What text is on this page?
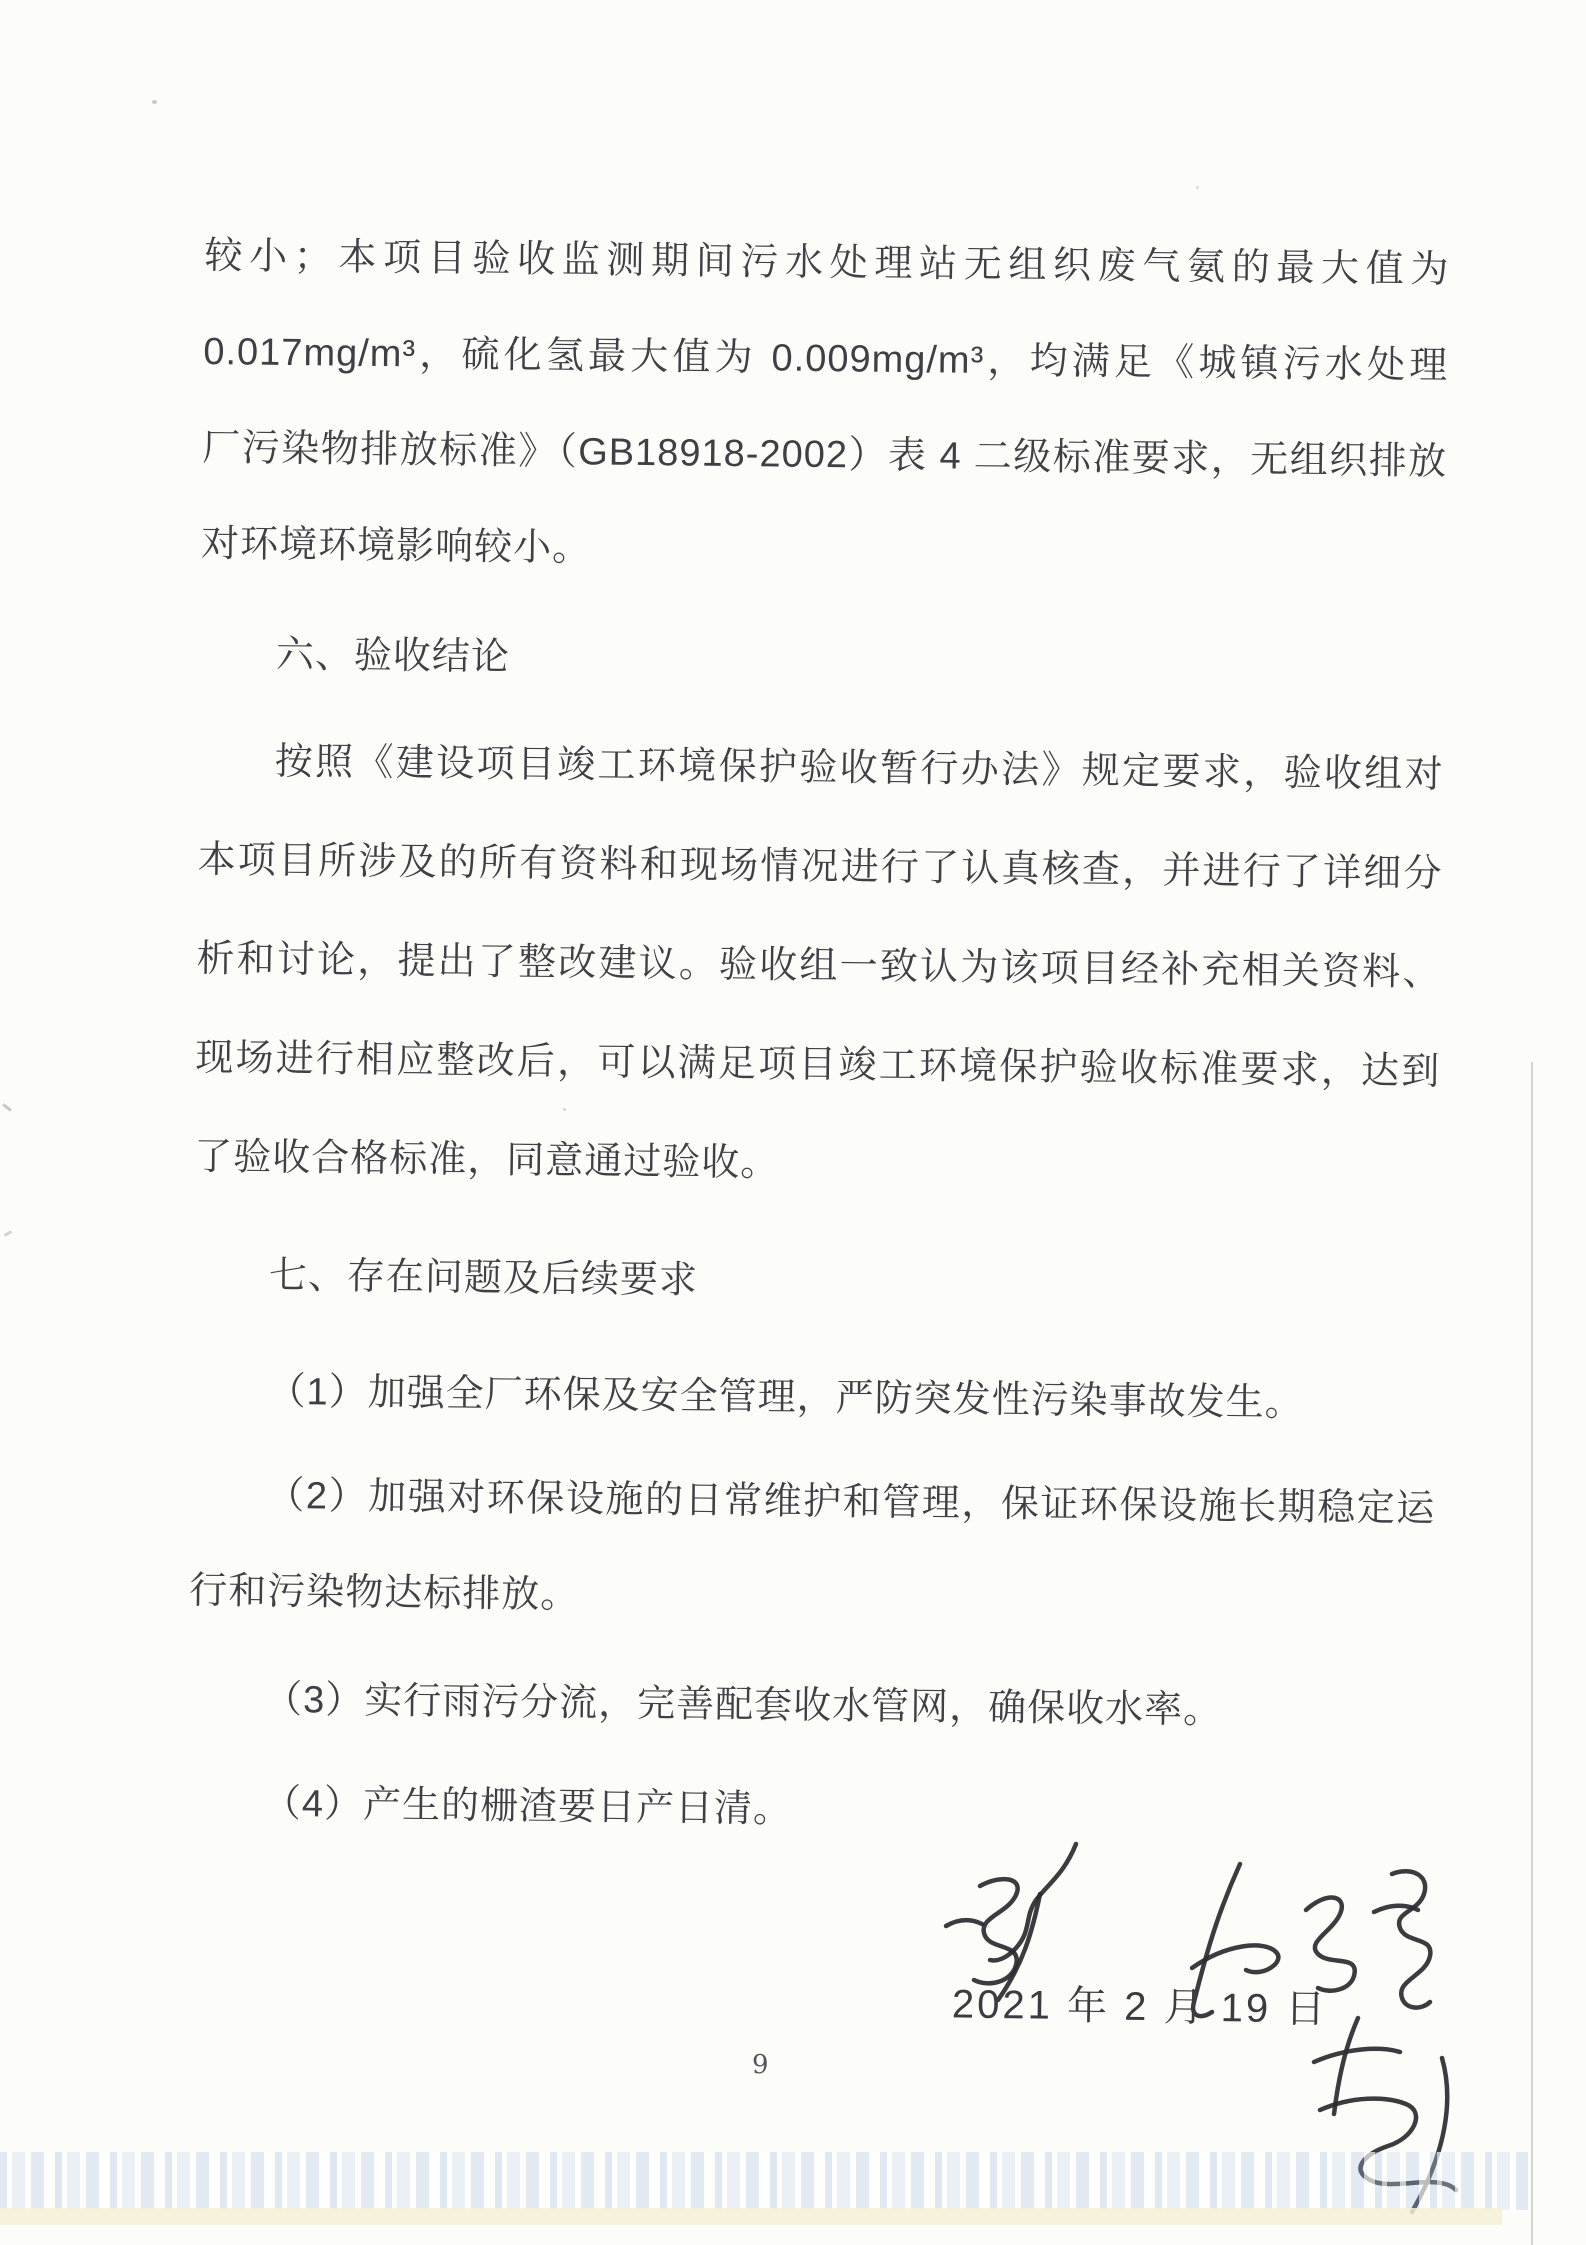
较小；本项目验收监测期间污水处理站无组织废气氨的最大值为
0.017mg/m³，硫化氢最大值为 0.009mg/m³，均满足《城镇污水处理
厂污染物排放标准》（GB18918-2002）表 4 二级标准要求，无组织排放
对环境环境影响较小。
六、验收结论
按照《建设项目竣工环境保护验收暂行办法》规定要求，验收组对
本项目所涉及的所有资料和现场情况进行了认真核查，并进行了详细分
析和讨论，提出了整改建议。验收组一致认为该项目经补充相关资料、
现场进行相应整改后，可以满足项目竣工环境保护验收标准要求，达到
了验收合格标准，同意通过验收。
七、存在问题及后续要求
（1）加强全厂环保及安全管理，严防突发性污染事故发生。
（2）加强对环保设施的日常维护和管理，保证环保设施长期稳定运
行和污染物达标排放。
（3）实行雨污分流，完善配套收水管网，确保收水率。
（4）产生的栅渣要日产日清。
2021 年 2 月 19 日
9
